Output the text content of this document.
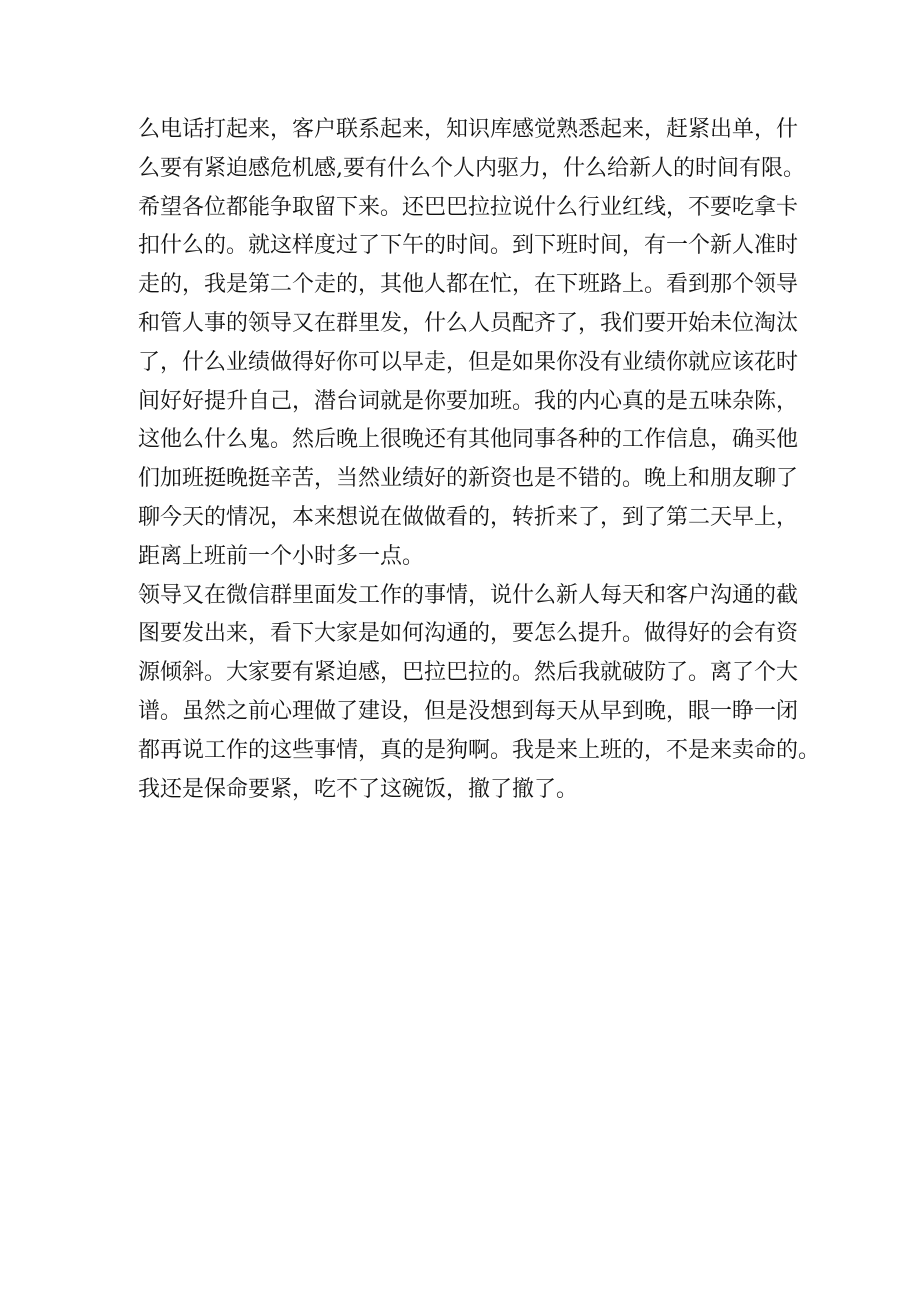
么电话打起来，客户联系起来，知识库感觉熟悉起来，赶紧出单，什
么要有紧迫感危机感,要有什么个人内驱力，什么给新人的时间有限。
希望各位都能争取留下来。还巴巴拉拉说什么行业红线，不要吃拿卡
扣什么的。就这样度过了下午的时间。到下班时间，有一个新人准时
走的，我是第二个走的，其他人都在忙，在下班路上。看到那个领导
和管人事的领导又在群里发，什么人员配齐了，我们要开始未位淘汰
了，什么业绩做得好你可以早走，但是如果你没有业绩你就应该花时
间好好提升自己，潜台词就是你要加班。我的内心真的是五味杂陈，
这他么什么鬼。然后晚上很晚还有其他同事各种的工作信息，确买他
们加班挺晚挺辛苦，当然业绩好的新资也是不错的。晚上和朋友聊了
聊今天的情况，本来想说在做做看的，转折来了，到了第二天早上，
距离上班前一个小时多一点。
领导又在微信群里面发工作的事情，说什么新人每天和客户沟通的截
图要发出来，看下大家是如何沟通的，要怎么提升。做得好的会有资
源倾斜。大家要有紧迫感，巴拉巴拉的。然后我就破防了。离了个大
谱。虽然之前心理做了建设，但是没想到每天从早到晚，眼一睁一闭
都再说工作的这些事情，真的是狗啊。我是来上班的，不是来卖命的。
我还是保命要紧，吃不了这碗饭，撤了撤了。
